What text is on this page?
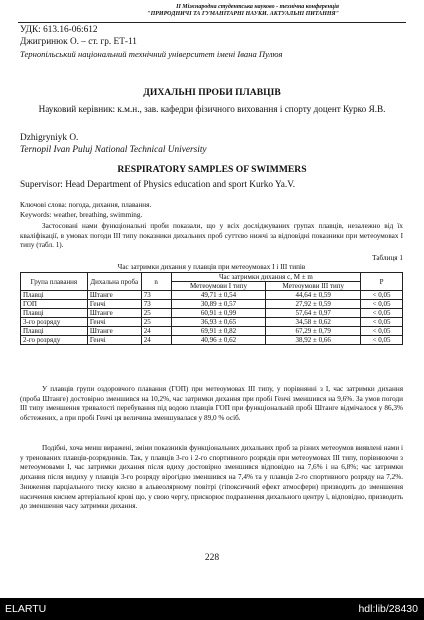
II Міжнародна студентська науково - технічна конференція
"ПРИРОДНИЧІ ТА ГУМАНІТАРНІ НАУКИ. АКТУАЛЬНІ ПИТАННЯ"
УДК: 613.16-06:612
Джигринюк О. – ст. гр. ЕТ-11
Тернопільський національний технічний університет імені Івана Пулюя
ДИХАЛЬНІ ПРОБИ ПЛАВЦІВ
Науковий керівник: к.м.н., зав. кафедри фізичного виховання і спорту доцент Курко Я.В.
Dzhigryniyk O.
Ternopil Ivan Puluj National Technical University
RESPIRATORY SAMPLES OF SWIMMERS
Supervisor: Head Department of Physics education and sport Kurko Ya.V.
Ключові слова: погода, дихання, плавання.
Keywords: weather, breathing, swimming.
Застосовані нами функціональні проби показали, що у всіх досліджуваних групах плавців, незалежно від їх кваліфікації, в умовах погоди III типу показники дихальних проб суттєво нижчі за відповідні показники при метеоумовах І типу (табл. 1).
Таблиця 1
Час затримки дихання у плавців при метеоумовах І і III типів
Група плавання	Дихальна проба	n	Час затримки дихання с, M ± m		P
			Метеоумови І типу	Метеоумови ІІІ типу	
Плавці	Штанге	73	49,71 ± 0,54	44,64 ± 0,59	< 0,05
ГОП	Генчі	73	30,89 ± 0,57	27,92 ± 0,59	< 0,05
Плавці	Штанге	25	60,91 ± 0,99	57,64 ± 0,97	< 0,05
3-го розряду	Генчі	25	36,93 ± 0,65	34,58 ± 0,62	< 0,05
Плавці	Штанге	24	69,91 ± 0,82	67,29 ± 0,79	< 0,05
2-го розряду	Генчі	24	40,96 ± 0,62	38,92 ± 0,66	< 0,05
У плавців групи оздоровчого плавання (ГОП) при метеоумовах III типу, у порівнянні з І, час затримки дихання (проба Штанге) достовірно зменшився на 10,2%, час затримки дихання при пробі Генчі зменшився на 9,6%. За умов погоди III типу зменшення тривалості перебування під водою плавців ГОП при функціональній пробі Штанге відмічалося у 86,3% обстежених, а при пробі Генчі ця величина зменшувалася у 89,0 % осіб.
Подібні, хоча менш виражені, зміни показників функціональних дихальних проб за різних метеоумов виявлені нами і у тренованих плавців-розрядників. Так, у плавців 3-го і 2-го спортивного розрядів при метеоумовах III типу, порівнюючи з метеоумовами І, час затримки дихання після вдиху достовірно зменшився відповідно на 7,6% і на 6,8%; час затримки дихання після видиху у плавців 3-го розряду вірогідно зменшився на 7,4% та у плавців 2-го спортивного розряду на 7,2%. Зниження парціального тиску кисню в альвеолярному повітрі (гіпоксичний ефект атмосфери) призводить до зменшення насичення киснем артеріальної крові що, у свою чергу, прискорює подразнення дихального центру і, відповідно, призводить до зменшення часу затримки дихання.
228
ELARTU	hdl:lib/28430
